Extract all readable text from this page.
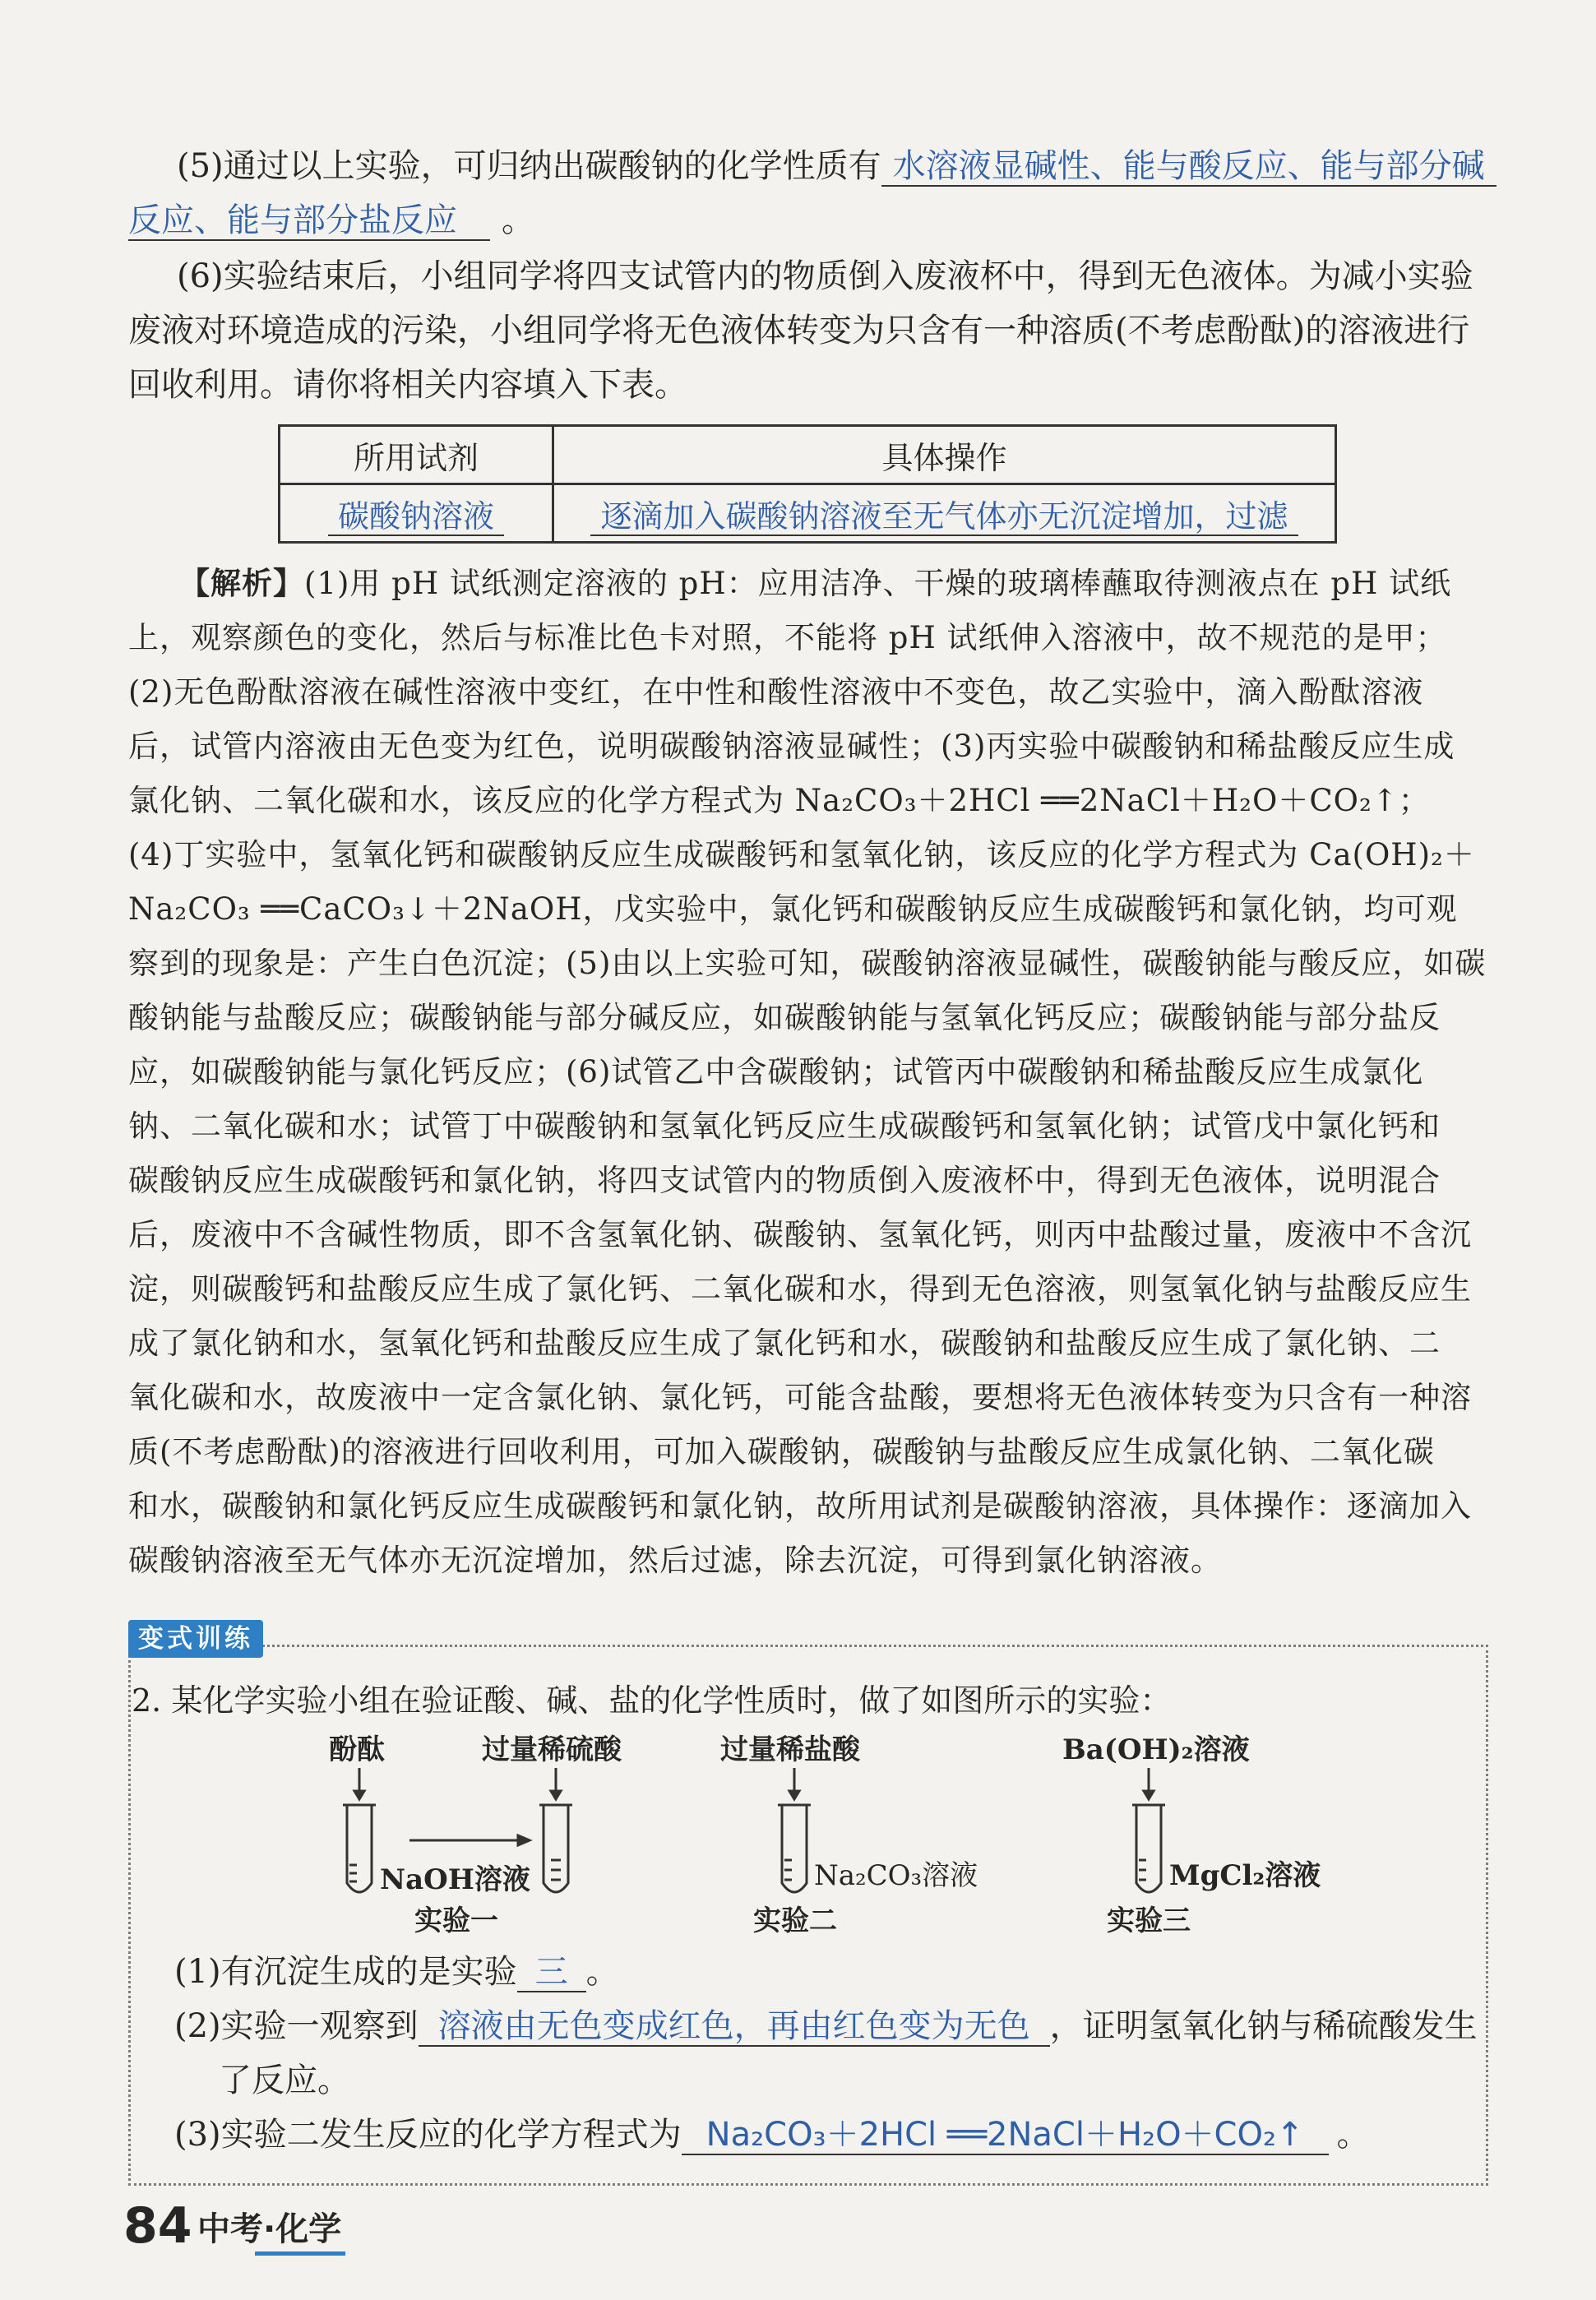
(5)通过以上实验，可归纳出碳酸钠的化学性质有 水溶液显碱性、能与酸反应、能与部分碱
反应、能与部分盐反应 。
(6)实验结束后，小组同学将四支试管内的物质倒入废液杯中，得到无色液体。为减小实验
废液对环境造成的污染，小组同学将无色液体转变为只含有一种溶质(不考虑酚酞)的溶液进行
回收利用。请你将相关内容填入下表。
所用试剂	具体操作
碳酸钠溶液	逐滴加入碳酸钠溶液至无气体亦无沉淀增加，过滤
【解析】(1)用 pH 试纸测定溶液的 pH：应用洁净、干燥的玻璃棒蘸取待测液点在 pH 试纸
上，观察颜色的变化，然后与标准比色卡对照，不能将 pH 试纸伸入溶液中，故不规范的是甲；
(2)无色酚酞溶液在碱性溶液中变红，在中性和酸性溶液中不变色，故乙实验中，滴入酚酞溶液
后，试管内溶液由无色变为红色，说明碳酸钠溶液显碱性；(3)丙实验中碳酸钠和稀盐酸反应生成
氯化钠、二氧化碳和水，该反应的化学方程式为 Na₂CO₃＋2HCl ══2NaCl＋H₂O＋CO₂↑；
(4)丁实验中，氢氧化钙和碳酸钠反应生成碳酸钙和氢氧化钠，该反应的化学方程式为 Ca(OH)₂＋
Na₂CO₃ ══CaCO₃↓＋2NaOH，戊实验中，氯化钙和碳酸钠反应生成碳酸钙和氯化钠，均可观
察到的现象是：产生白色沉淀；(5)由以上实验可知，碳酸钠溶液显碱性，碳酸钠能与酸反应，如碳
酸钠能与盐酸反应；碳酸钠能与部分碱反应，如碳酸钠能与氢氧化钙反应；碳酸钠能与部分盐反
应，如碳酸钠能与氯化钙反应；(6)试管乙中含碳酸钠；试管丙中碳酸钠和稀盐酸反应生成氯化
钠、二氧化碳和水；试管丁中碳酸钠和氢氧化钙反应生成碳酸钙和氢氧化钠；试管戊中氯化钙和
碳酸钠反应生成碳酸钙和氯化钠，将四支试管内的物质倒入废液杯中，得到无色液体，说明混合
后，废液中不含碱性物质，即不含氢氧化钠、碳酸钠、氢氧化钙，则丙中盐酸过量，废液中不含沉
淀，则碳酸钙和盐酸反应生成了氯化钙、二氧化碳和水，得到无色溶液，则氢氧化钠与盐酸反应生
成了氯化钠和水，氢氧化钙和盐酸反应生成了氯化钙和水，碳酸钠和盐酸反应生成了氯化钠、二
氧化碳和水，故废液中一定含氯化钠、氯化钙，可能含盐酸，要想将无色液体转变为只含有一种溶
质(不考虑酚酞)的溶液进行回收利用，可加入碳酸钠，碳酸钠与盐酸反应生成氯化钠、二氧化碳
和水，碳酸钠和氯化钙反应生成碳酸钙和氯化钠，故所用试剂是碳酸钠溶液，具体操作：逐滴加入
碳酸钠溶液至无气体亦无沉淀增加，然后过滤，除去沉淀，可得到氯化钠溶液。
变式训练
2. 某化学实验小组在验证酸、碱、盐的化学性质时，做了如图所示的实验：
酚酞	过量稀硫酸	过量稀盐酸	Ba(OH)₂溶液
NaOH溶液	Na₂CO₃溶液	MgCl₂溶液
实验一	实验二	实验三
(1)有沉淀生成的是实验 三 。
(2)实验一观察到 溶液由无色变成红色，再由红色变为无色 ，证明氢氧化钠与稀硫酸发生
了反应。
(3)实验二发生反应的化学方程式为 Na₂CO₃＋2HCl ══2NaCl＋H₂O＋CO₂↑ 。
84 中考·化学
